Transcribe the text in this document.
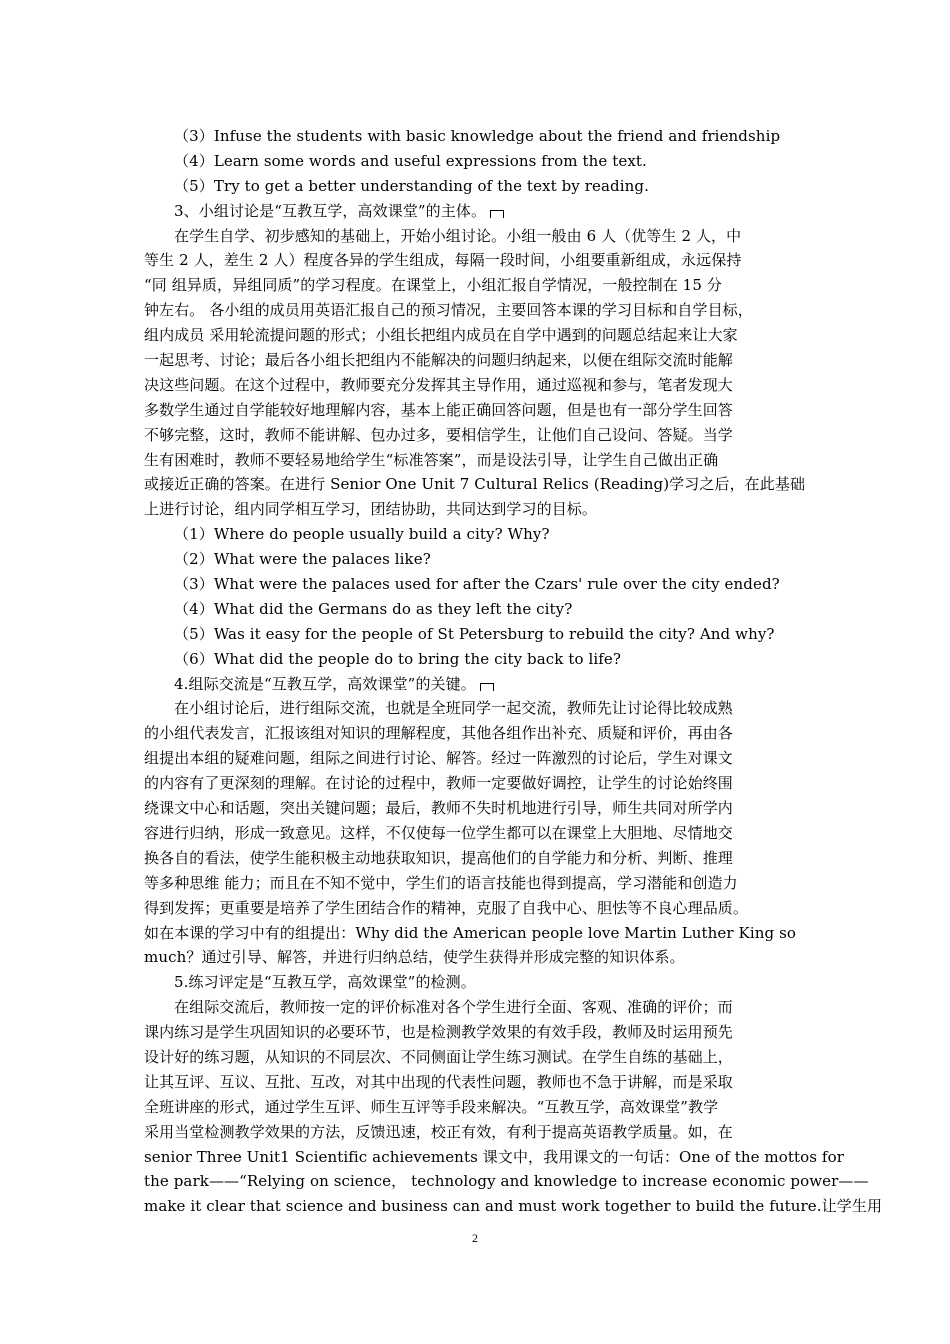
（3）Infuse the students with basic knowledge about the friend and friendship
（4）Learn some words and useful expressions from the text.
（5）Try to get a better understanding of the text by reading.
3、小组讨论是“互教互学，高效课堂”的主体。
在学生自学、初步感知的基础上，开始小组讨论。小组一般由 6 人（优等生 2 人，中
等生 2 人，差生 2 人）程度各异的学生组成，每隔一段时间，小组要重新组成，永远保持
“同 组异质，异组同质”的学习程度。在课堂上，小组汇报自学情况，一般控制在 15 分
钟左右。 各小组的成员用英语汇报自己的预习情况，主要回答本课的学习目标和自学目标，
组内成员 采用轮流提问题的形式；小组长把组内成员在自学中遇到的问题总结起来让大家
一起思考、讨论；最后各小组长把组内不能解决的问题归纳起来，以便在组际交流时能解
决这些问题。在这个过程中，教师要充分发挥其主导作用，通过巡视和参与，笔者发现大
多数学生通过自学能较好地理解内容，基本上能正确回答问题，但是也有一部分学生回答
不够完整，这时，教师不能讲解、包办过多，要相信学生，让他们自己设问、答疑。当学
生有困难时，教师不要轻易地给学生“标准答案”，而是设法引导，让学生自己做出正确
或接近正确的答案。在进行 Senior One Unit 7 Cultural Relics (Reading)学习之后，在此基础
上进行讨论，组内同学相互学习，团结协助，共同达到学习的目标。
（1）Where do people usually build a city? Why?
（2）What were the palaces like?
（3）What were the palaces used for after the Czars' rule over the city ended?
（4）What did the Germans do as they left the city?
（5）Was it easy for the people of St Petersburg to rebuild the city? And why?
（6）What did the people do to bring the city back to life?
4.组际交流是“互教互学，高效课堂”的关键。
在小组讨论后，进行组际交流，也就是全班同学一起交流，教师先让讨论得比较成熟
的小组代表发言，汇报该组对知识的理解程度，其他各组作出补充、质疑和评价，再由各
组提出本组的疑难问题，组际之间进行讨论、解答。经过一阵激烈的讨论后，学生对课文
的内容有了更深刻的理解。在讨论的过程中，教师一定要做好调控，让学生的讨论始终围
绕课文中心和话题，突出关键问题；最后，教师不失时机地进行引导，师生共同对所学内
容进行归纳，形成一致意见。这样，不仅使每一位学生都可以在课堂上大胆地、尽情地交
换各自的看法，使学生能积极主动地获取知识，提高他们的自学能力和分析、判断、推理
等多种思维 能力；而且在不知不觉中，学生们的语言技能也得到提高，学习潜能和创造力
得到发挥；更重要是培养了学生团结合作的精神，克服了自我中心、胆怯等不良心理品质。
如在本课的学习中有的组提出：Why did the American people love Martin Luther King so
much？通过引导、解答，并进行归纳总结，使学生获得并形成完整的知识体系。
5.练习评定是“互教互学，高效课堂”的检测。
在组际交流后，教师按一定的评价标准对各个学生进行全面、客观、准确的评价；而
课内练习是学生巩固知识的必要环节，也是检测教学效果的有效手段，教师及时运用预先
设计好的练习题，从知识的不同层次、不同侧面让学生练习测试。在学生自练的基础上，
让其互评、互议、互批、互改，对其中出现的代表性问题，教师也不急于讲解，而是采取
全班讲座的形式，通过学生互评、师生互评等手段来解决。“互教互学，高效课堂”教学
采用当堂检测教学效果的方法，反馈迅速，校正有效，有利于提高英语教学质量。如，在
senior Three Unit1 Scientific achievements 课文中，我用课文的一句话：One of the mottos for
the park——“Relying on science， technology and knowledge to increase economic power——
make it clear that science and business can and must work together to build the future.让学生用
2
